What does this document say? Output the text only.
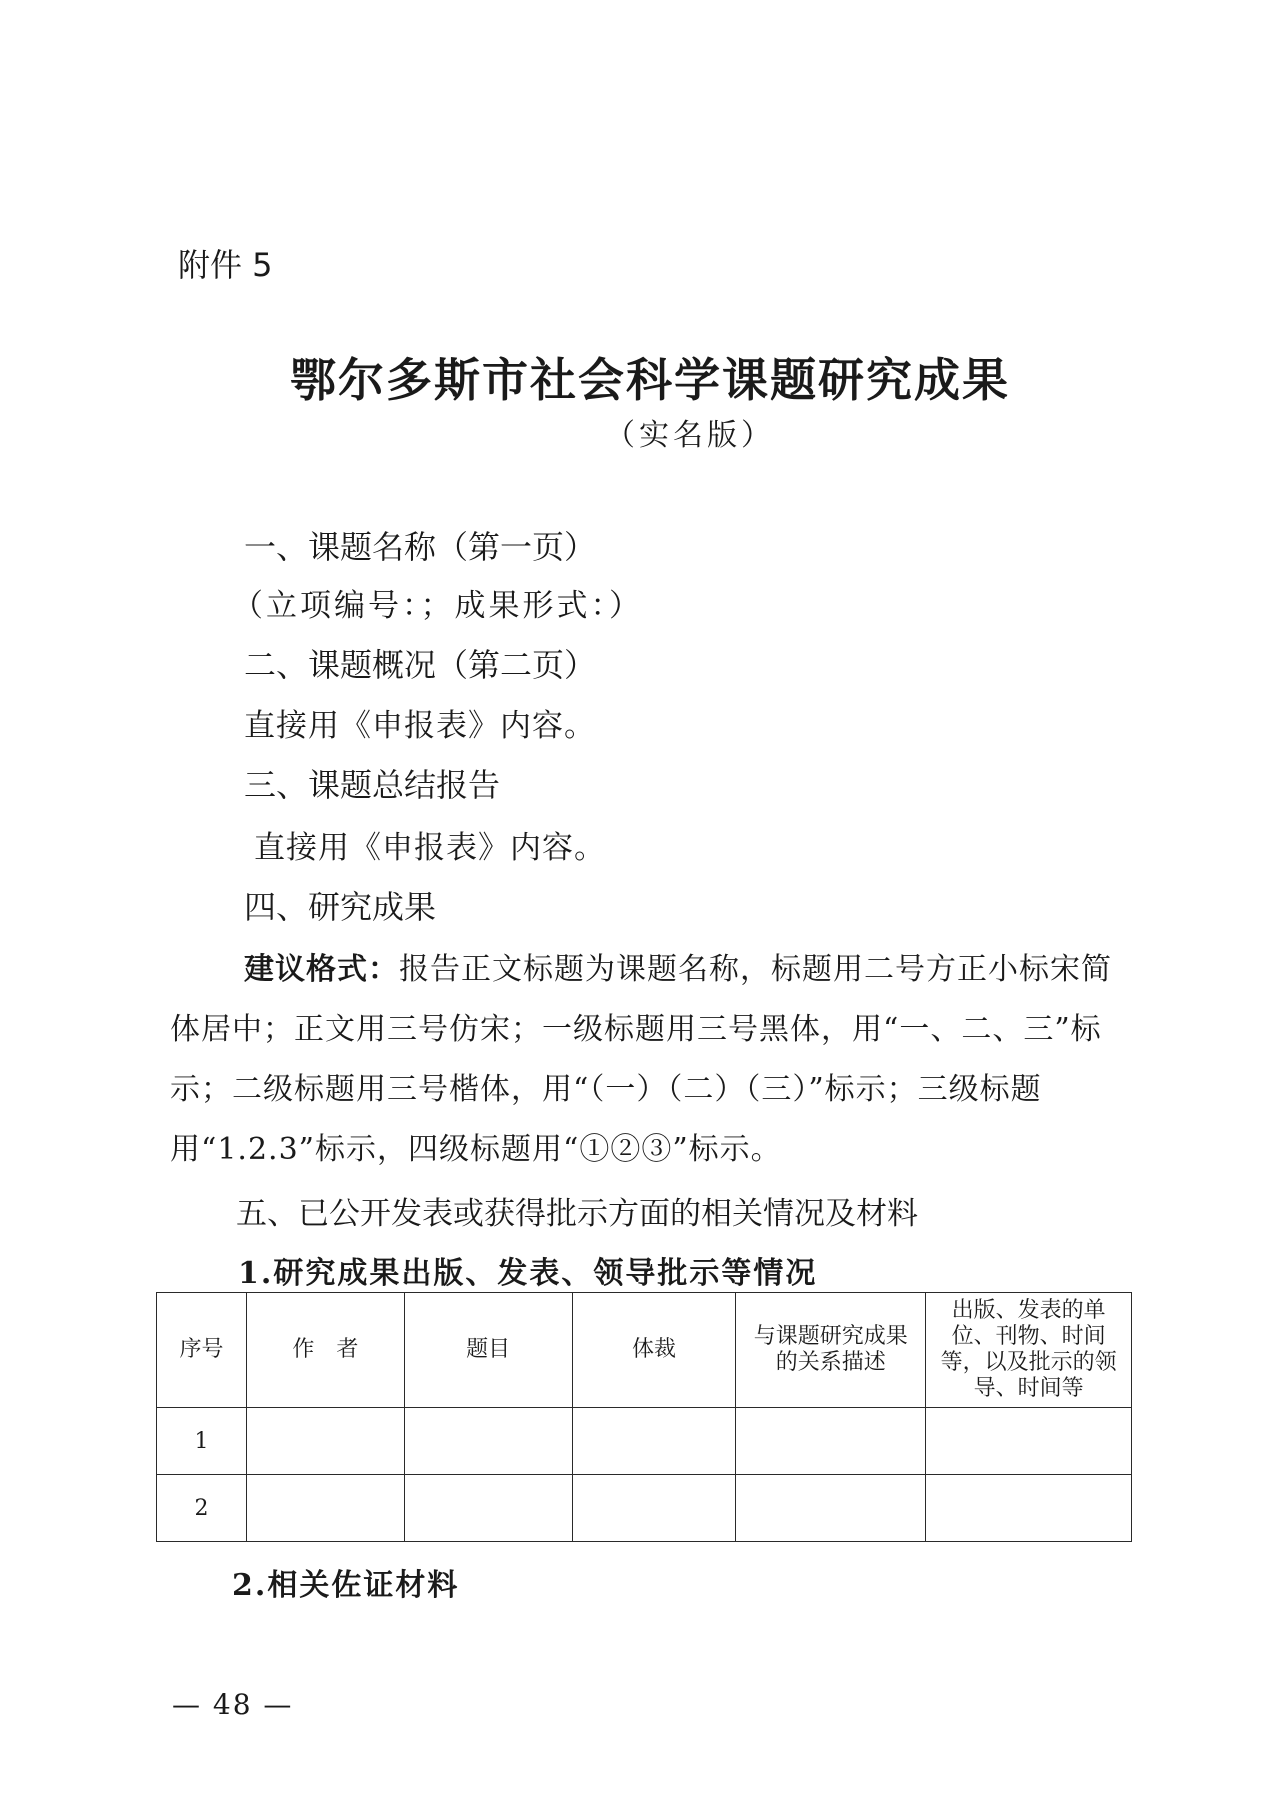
附件 5
鄂尔多斯市社会科学课题研究成果
（实名版）
一、课题名称（第一页）
（立项编号：；成果形式：）
二、课题概况（第二页）
直接用《申报表》内容。
三、课题总结报告
直接用《申报表》内容。
四、研究成果
建议格式：报告正文标题为课题名称，标题用二号方正小标宋简体居中；正文用三号仿宋；一级标题用三号黑体，用“一、二、三”标示；二级标题用三号楷体，用“（一）（二）（三）”标示；三级标题用“1.2.3”标示，四级标题用“①②③”标示。
五、已公开发表或获得批示方面的相关情况及材料
1.研究成果出版、发表、领导批示等情况
序号	作　者	题目	体裁	与课题研究成果的关系描述	出版、发表的单位、刊物、时间等，以及批示的领导、时间等
1					
2					
2.相关佐证材料
— 48 —
